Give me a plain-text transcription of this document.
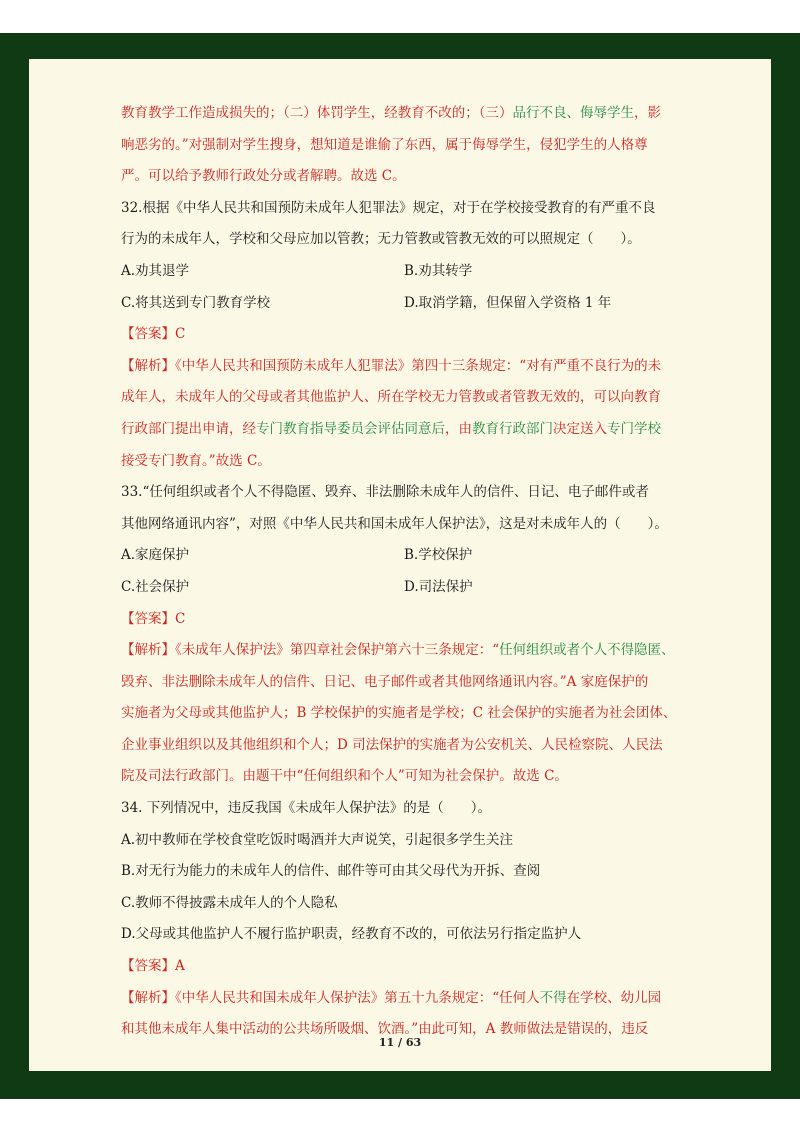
教育教学工作造成损失的；（二）体罚学生，经教育不改的；（三）品行不良、侮辱学生，影
响恶劣的。”对强制对学生搜身，想知道是谁偷了东西，属于侮辱学生，侵犯学生的人格尊
严。可以给予教师行政处分或者解聘。故选 C。
32.根据《中华人民共和国预防未成年人犯罪法》规定，对于在学校接受教育的有严重不良
行为的未成年人，学校和父母应加以管教；无力管教或管教无效的可以照规定（　　）。
A.劝其退学	B.劝其转学
C.将其送到专门教育学校	D.取消学籍，但保留入学资格 1 年
【答案】C
【解析】《中华人民共和国预防未成年人犯罪法》第四十三条规定：“对有严重不良行为的未
成年人，未成年人的父母或者其他监护人、所在学校无力管教或者管教无效的，可以向教育
行政部门提出申请，经专门教育指导委员会评估同意后，由教育行政部门决定送入专门学校
接受专门教育。”故选 C。
33.“任何组织或者个人不得隐匿、毁弃、非法删除未成年人的信件、日记、电子邮件或者
其他网络通讯内容”，对照《中华人民共和国未成年人保护法》，这是对未成年人的（　　）。
A.家庭保护	B.学校保护
C.社会保护	D.司法保护
【答案】C
【解析】《未成年人保护法》第四章社会保护第六十三条规定：“任何组织或者个人不得隐匿、
毁弃、非法删除未成年人的信件、日记、电子邮件或者其他网络通讯内容。”A 家庭保护的
实施者为父母或其他监护人；B 学校保护的实施者是学校；C 社会保护的实施者为社会团体、
企业事业组织以及其他组织和个人；D 司法保护的实施者为公安机关、人民检察院、人民法
院及司法行政部门。由题干中“任何组织和个人”可知为社会保护。故选 C。
34. 下列情况中，违反我国《未成年人保护法》的是（　　）。
A.初中教师在学校食堂吃饭时喝酒并大声说笑，引起很多学生关注
B.对无行为能力的未成年人的信件、邮件等可由其父母代为开拆、查阅
C.教师不得披露未成年人的个人隐私
D.父母或其他监护人不履行监护职责，经教育不改的，可依法另行指定监护人
【答案】A
【解析】《中华人民共和国未成年人保护法》第五十九条规定：“任何人不得在学校、幼儿园
和其他未成年人集中活动的公共场所吸烟、饮酒。”由此可知，A 教师做法是错误的，违反
11 / 63
